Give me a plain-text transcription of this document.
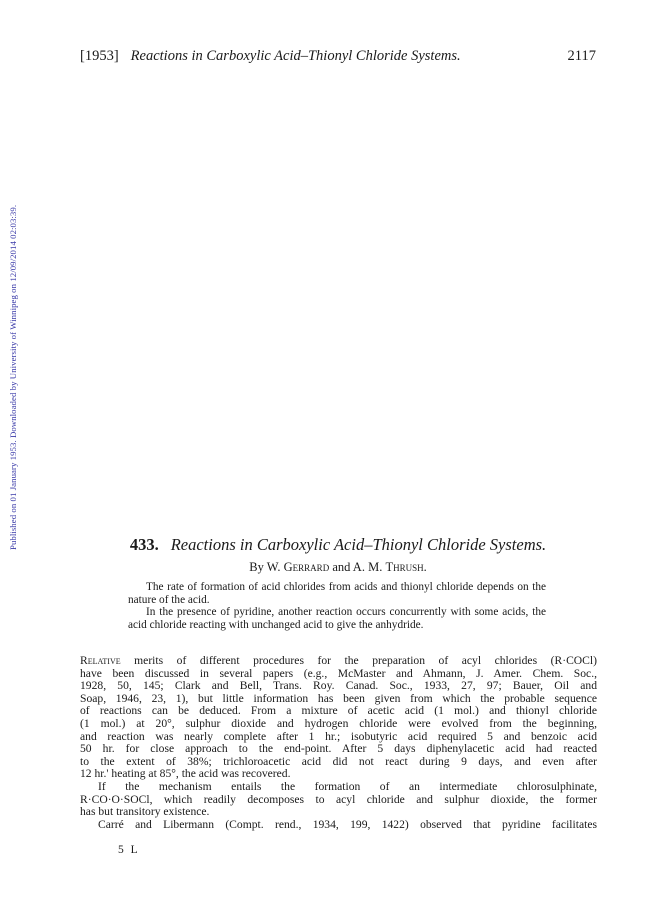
[1953] Reactions in Carboxylic Acid–Thionyl Chloride Systems.	2117
Published on 01 January 1953. Downloaded by University of Winnipeg on 12/09/2014 02:03:39.	433. Reactions in Carboxylic Acid–Thionyl Chloride Systems.
By W. Gerrard and A. M. Thrush.

The rate of formation of acid chlorides from acids and thionyl chloride depends on the nature of the acid.

In the presence of pyridine, another reaction occurs concurrently with some acids, the acid chloride reacting with unchanged acid to give the anhydride.

Relative merits of different procedures for the preparation of acyl chlorides (R·COCl)
have been discussed in several papers (e.g., McMaster and Ahmann, J. Amer. Chem. Soc.,
1928, 50, 145; Clark and Bell, Trans. Roy. Canad. Soc., 1933, 27, 97; Bauer, Oil and
Soap, 1946, 23, 1), but little information has been given from which the probable sequence
of reactions can be deduced. From a mixture of acetic acid (1 mol.) and thionyl chloride
(1 mol.) at 20°, sulphur dioxide and hydrogen chloride were evolved from the beginning,
and reaction was nearly complete after 1 hr.; isobutyric acid required 5 and benzoic acid
50 hr. for close approach to the end-point. After 5 days diphenylacetic acid had reacted
to the extent of 38%; trichloroacetic acid did not react during 9 days, and even after
12 hr.' heating at 85°, the acid was recovered.
If the mechanism entails the formation of an intermediate chlorosulphinate,
R·CO·O·SOCl, which readily decomposes to acyl chloride and sulphur dioxide, the former
has but transitory existence.
Carré and Libermann (Compt. rend., 1934, 199, 1422) observed that pyridine facilitates
5 L
